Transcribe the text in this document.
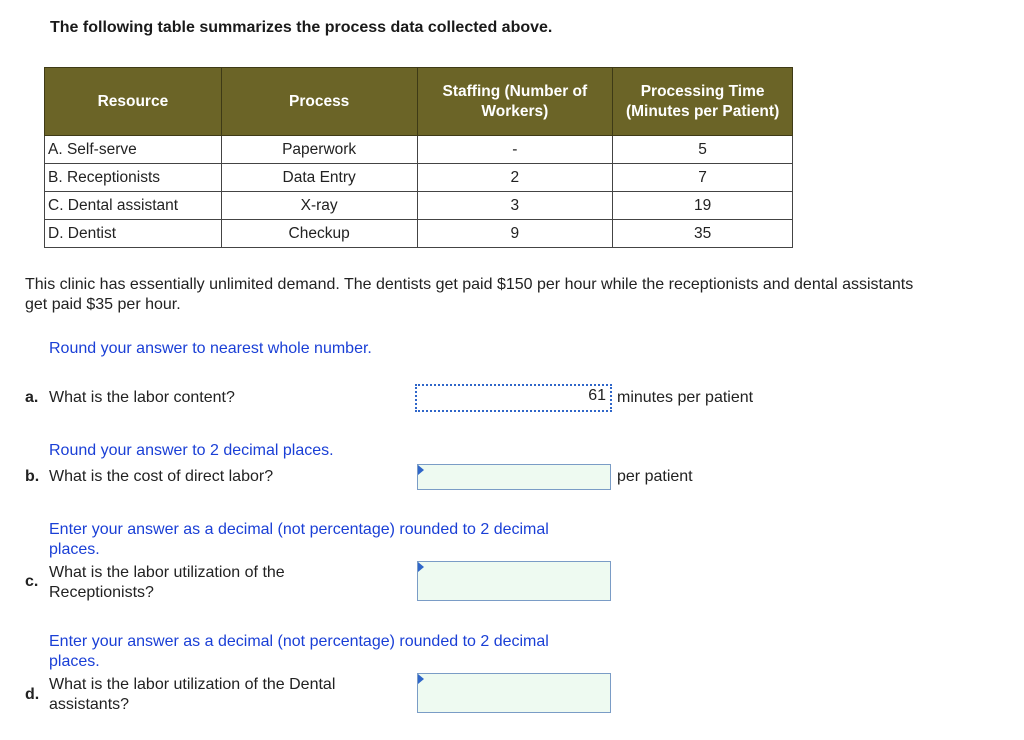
The following table summarizes the process data collected above.
Resource	Process	Staffing (Number of Workers)	Processing Time (Minutes per Patient)
A. Self-serve	Paperwork	-	5
B. Receptionists	Data Entry	2	7
C. Dental assistant	X-ray	3	19
D. Dentist	Checkup	9	35
This clinic has essentially unlimited demand. The dentists get paid $150 per hour while the receptionists and dental assistants get paid $35 per hour.
Round your answer to nearest whole number.
a. What is the labor content?	61 minutes per patient
Round your answer to 2 decimal places.
b. What is the cost of direct labor?	per patient
Enter your answer as a decimal (not percentage) rounded to 2 decimal places.
c.
What is the labor utilization of the Receptionists?
Enter your answer as a decimal (not percentage) rounded to 2 decimal places.
d.
What is the labor utilization of the Dental assistants?
